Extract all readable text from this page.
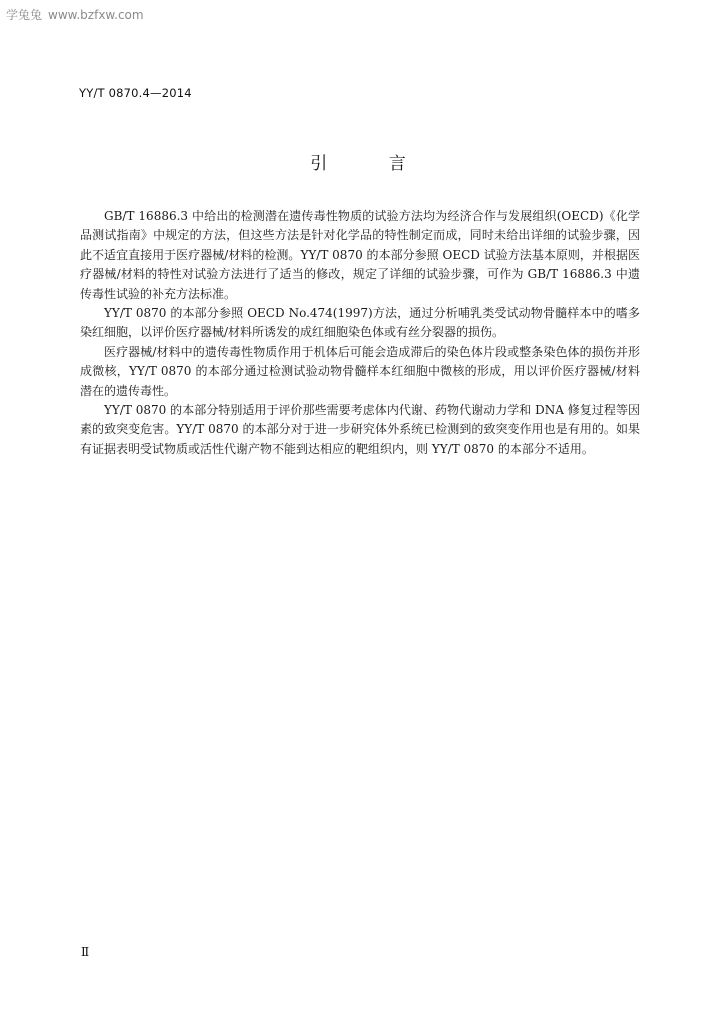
学兔兔 www.bzfxw.com
YY/T 0870.4—2014
引 言

GB/T 16886.3 中给出的检测潜在遗传毒性物质的试验方法均为经济合作与发展组织(OECD)《化学品测试指南》中规定的方法，但这些方法是针对化学品的特性制定而成，同时未给出详细的试验步骤，因此不适宜直接用于医疗器械/材料的检测。YY/T 0870 的本部分参照 OECD 试验方法基本原则，并根据医疗器械/材料的特性对试验方法进行了适当的修改，规定了详细的试验步骤，可作为 GB/T 16886.3 中遗传毒性试验的补充方法标准。

YY/T 0870 的本部分参照 OECD No.474(1997)方法，通过分析哺乳类受试动物骨髓样本中的嗜多染红细胞，以评价医疗器械/材料所诱发的成红细胞染色体或有丝分裂器的损伤。

医疗器械/材料中的遗传毒性物质作用于机体后可能会造成滞后的染色体片段或整条染色体的损伤并形成微核，YY/T 0870 的本部分通过检测试验动物骨髓样本红细胞中微核的形成，用以评价医疗器械/材料潜在的遗传毒性。

YY/T 0870 的本部分特别适用于评价那些需要考虑体内代谢、药物代谢动力学和 DNA 修复过程等因素的致突变危害。YY/T 0870 的本部分对于进一步研究体外系统已检测到的致突变作用也是有用的。如果有证据表明受试物质或活性代谢产物不能到达相应的靶组织内，则 YY/T 0870 的本部分不适用。

Ⅱ
